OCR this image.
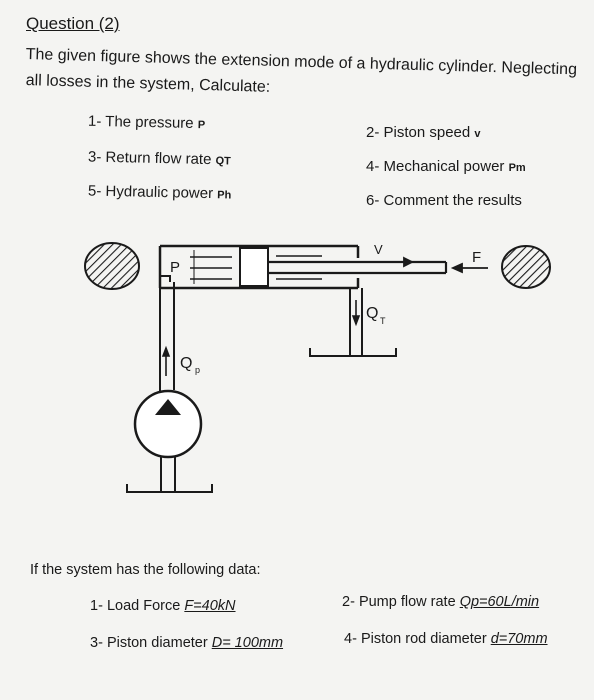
Question (2)
The given figure shows the extension mode of a hydraulic cylinder. Neglecting
all losses in the system, Calculate:
1- The pressure P	2- Piston speed v
3- Return flow rate QT	4- Mechanical power Pm
5- Hydraulic power Ph	6- Comment the results
P
V	F
Q T
Q p
If the system has the following data:
1- Load Force F=40kN	2- Pump flow rate Qp=60L/min
3- Piston diameter D= 100mm	4- Piston rod diameter d=70mm
